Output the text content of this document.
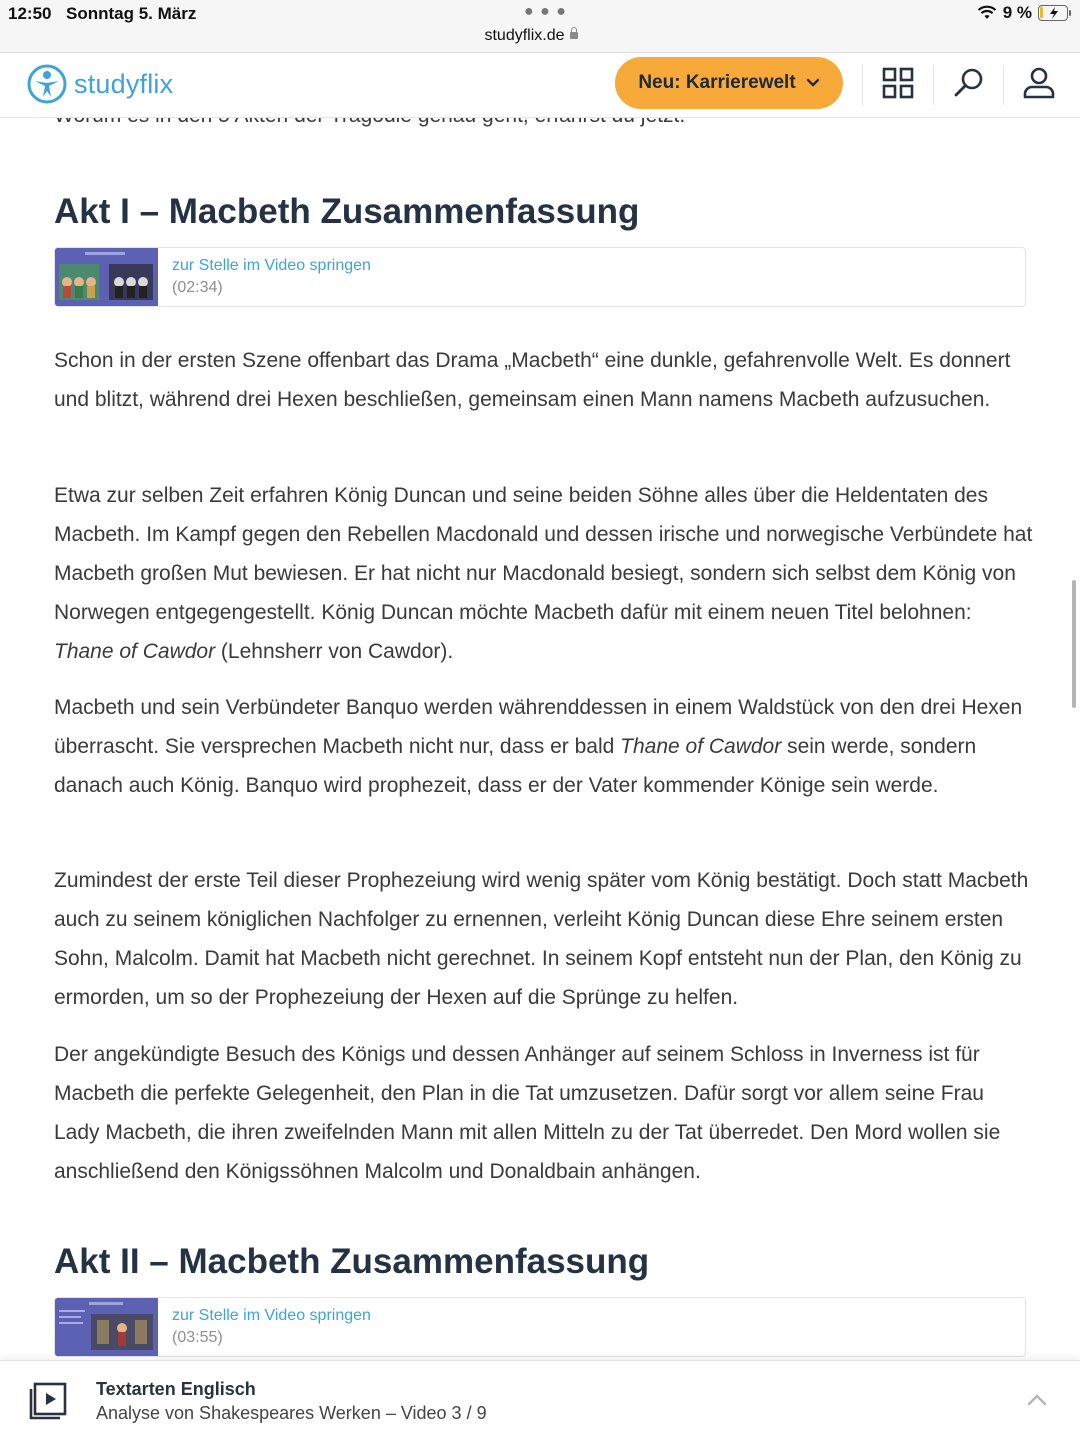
12:50 Sonntag 5. März	● ● ●
studyflix.de
9 %
studyflix	Neu: Karrierewelt
Akt I – Macbeth Zusammenfassung
zur Stelle im Video springen
(02:34)

Schon in der ersten Szene offenbart das Drama „Macbeth“ eine dunkle, gefahrenvolle Welt. Es donnert und blitzt, während drei Hexen beschließen, gemeinsam einen Mann namens Macbeth aufzusuchen.

Etwa zur selben Zeit erfahren König Duncan und seine beiden Söhne alles über die Heldentaten des Macbeth. Im Kampf gegen den Rebellen Macdonald und dessen irische und norwegische Verbündete hat Macbeth großen Mut bewiesen. Er hat nicht nur Macdonald besiegt, sondern sich selbst dem König von Norwegen entgegengestellt. König Duncan möchte Macbeth dafür mit einem neuen Titel belohnen: Thane of Cawdor (Lehnsherr von Cawdor).

Macbeth und sein Verbündeter Banquo werden währenddessen in einem Waldstück von den drei Hexen überrascht. Sie versprechen Macbeth nicht nur, dass er bald Thane of Cawdor sein werde, sondern danach auch König. Banquo wird prophezeit, dass er der Vater kommender Könige sein werde.

Zumindest der erste Teil dieser Prophezeiung wird wenig später vom König bestätigt. Doch statt Macbeth auch zu seinem königlichen Nachfolger zu ernennen, verleiht König Duncan diese Ehre seinem ersten Sohn, Malcolm. Damit hat Macbeth nicht gerechnet. In seinem Kopf entsteht nun der Plan, den König zu ermorden, um so der Prophezeiung der Hexen auf die Sprünge zu helfen.

Der angekündigte Besuch des Königs und dessen Anhänger auf seinem Schloss in Inverness ist für Macbeth die perfekte Gelegenheit, den Plan in die Tat umzusetzen. Dafür sorgt vor allem seine Frau Lady Macbeth, die ihren zweifelnden Mann mit allen Mitteln zu der Tat überredet. Den Mord wollen sie anschließend den Königssöhnen Malcolm und Donaldbain anhängen.

Akt II – Macbeth Zusammenfassung
zur Stelle im Video springen
(03:55)
Textarten Englisch
Analyse von Shakespeares Werken – Video 3 / 9
